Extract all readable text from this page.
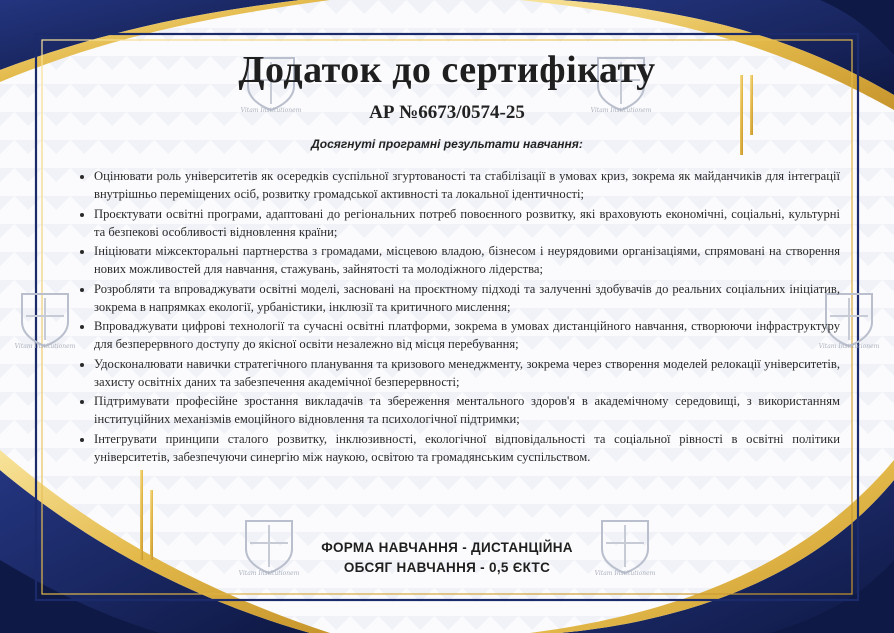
Vitam Institutionem	Vitam Institutionem
Vitam Institutionem	Vitam Institutionem
Vitam Institutionem	Vitam Institutionem
Додаток до сертифікату
АР №6673/0574-25
Досягнуті програмні результати навчання:
• Оцінювати роль університетів як осередків суспільної згуртованості та стабілізації в умовах криз, зокрема як майданчиків для інтеграції внутрішньо переміщених осіб, розвитку громадської активності та локальної ідентичності;
• Проєктувати освітні програми, адаптовані до регіональних потреб повоєнного розвитку, які враховують економічні, соціальні, культурні та безпекові особливості відновлення країни;
• Ініціювати міжсекторальні партнерства з громадами, місцевою владою, бізнесом і неурядовими організаціями, спрямовані на створення нових можливостей для навчання, стажувань, зайнятості та молодіжного лідерства;
• Розробляти та впроваджувати освітні моделі, засновані на проєктному підході та залученні здобувачів до реальних соціальних ініціатив, зокрема в напрямках екології, урбаністики, інклюзії та критичного мислення;
• Впроваджувати цифрові технології та сучасні освітні платформи, зокрема в умовах дистанційного навчання, створюючи інфраструктуру для безперервного доступу до якісної освіти незалежно від місця перебування;
• Удосконалювати навички стратегічного планування та кризового менеджменту, зокрема через створення моделей релокації університетів, захисту освітніх даних та забезпечення академічної безперервності;
• Підтримувати професійне зростання викладачів та збереження ментального здоров'я в академічному середовищі, з використанням інституційних механізмів емоційного відновлення та психологічної підтримки;
• Інтегрувати принципи сталого розвитку, інклюзивності, екологічної відповідальності та соціальної рівності в освітні політики університетів, забезпечуючи синергію між наукою, освітою та громадянським суспільством.
ФОРМА НАВЧАННЯ - ДИСТАНЦІЙНА
ОБСЯГ НАВЧАННЯ - 0,5 ЄКТС
